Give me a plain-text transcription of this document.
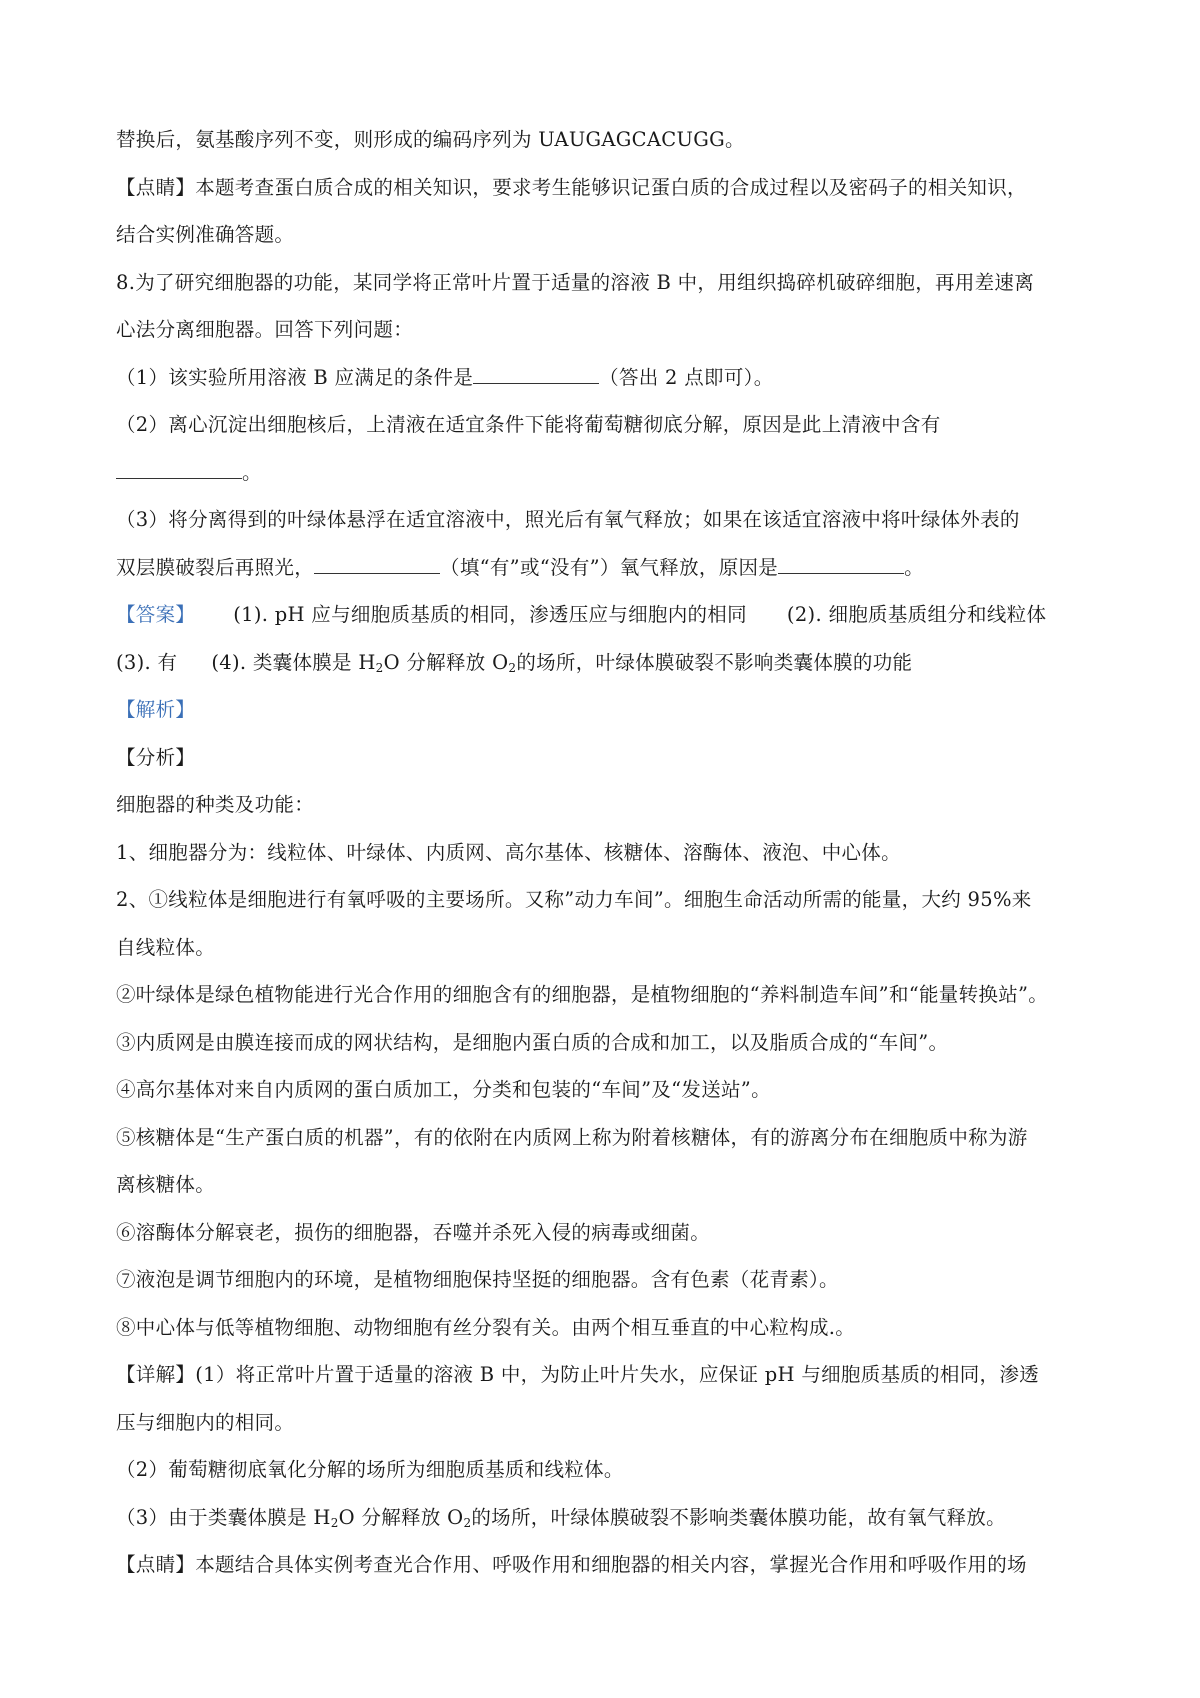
替换后，氨基酸序列不变，则形成的编码序列为 UAUGAGCACUGG。
【点睛】本题考查蛋白质合成的相关知识，要求考生能够识记蛋白质的合成过程以及密码子的相关知识，
结合实例准确答题。
8.为了研究细胞器的功能，某同学将正常叶片置于适量的溶液 B 中，用组织捣碎机破碎细胞，再用差速离
心法分离细胞器。回答下列问题：
（1）该实验所用溶液 B 应满足的条件是	（答出 2 点即可）。
（2）离心沉淀出细胞核后，上清液在适宜条件下能将葡萄糖彻底分解，原因是此上清液中含有
。
（3）将分离得到的叶绿体悬浮在适宜溶液中，照光后有氧气释放；如果在该适宜溶液中将叶绿体外表的
双层膜破裂后再照光，	（填“有”或“没有”）氧气释放，原因是	。
【答案】 (1). pH 应与细胞质基质的相同，渗透压应与细胞内的相同 (2). 细胞质基质组分和线粒体
(3). 有 (4). 类囊体膜是 $H_2O$ 分解释放 $O_2$的场所，叶绿体膜破裂不影响类囊体膜的功能
【解析】
【分析】
细胞器的种类及功能：
1、细胞器分为：线粒体、叶绿体、内质网、高尔基体、核糖体、溶酶体、液泡、中心体。
2、①线粒体是细胞进行有氧呼吸的主要场所。又称”动力车间”。细胞生命活动所需的能量，大约 95%来
自线粒体。
②叶绿体是绿色植物能进行光合作用的细胞含有的细胞器，是植物细胞的“养料制造车间”和“能量转换站”。
③内质网是由膜连接而成的网状结构，是细胞内蛋白质的合成和加工，以及脂质合成的“车间”。
④高尔基体对来自内质网的蛋白质加工，分类和包装的“车间”及“发送站”。
⑤核糖体是“生产蛋白质的机器”，有的依附在内质网上称为附着核糖体，有的游离分布在细胞质中称为游
离核糖体。
⑥溶酶体分解衰老，损伤的细胞器，吞噬并杀死入侵的病毒或细菌。
⑦液泡是调节细胞内的环境，是植物细胞保持坚挺的细胞器。含有色素（花青素）。
⑧中心体与低等植物细胞、动物细胞有丝分裂有关。由两个相互垂直的中心粒构成.。
【详解】(1）将正常叶片置于适量的溶液 B 中，为防止叶片失水，应保证 pH 与细胞质基质的相同，渗透
压与细胞内的相同。
（2）葡萄糖彻底氧化分解的场所为细胞质基质和线粒体。
（3）由于类囊体膜是 $H_2O$ 分解释放 $O_2$的场所，叶绿体膜破裂不影响类囊体膜功能，故有氧气释放。
【点睛】本题结合具体实例考查光合作用、呼吸作用和细胞器的相关内容，掌握光合作用和呼吸作用的场
